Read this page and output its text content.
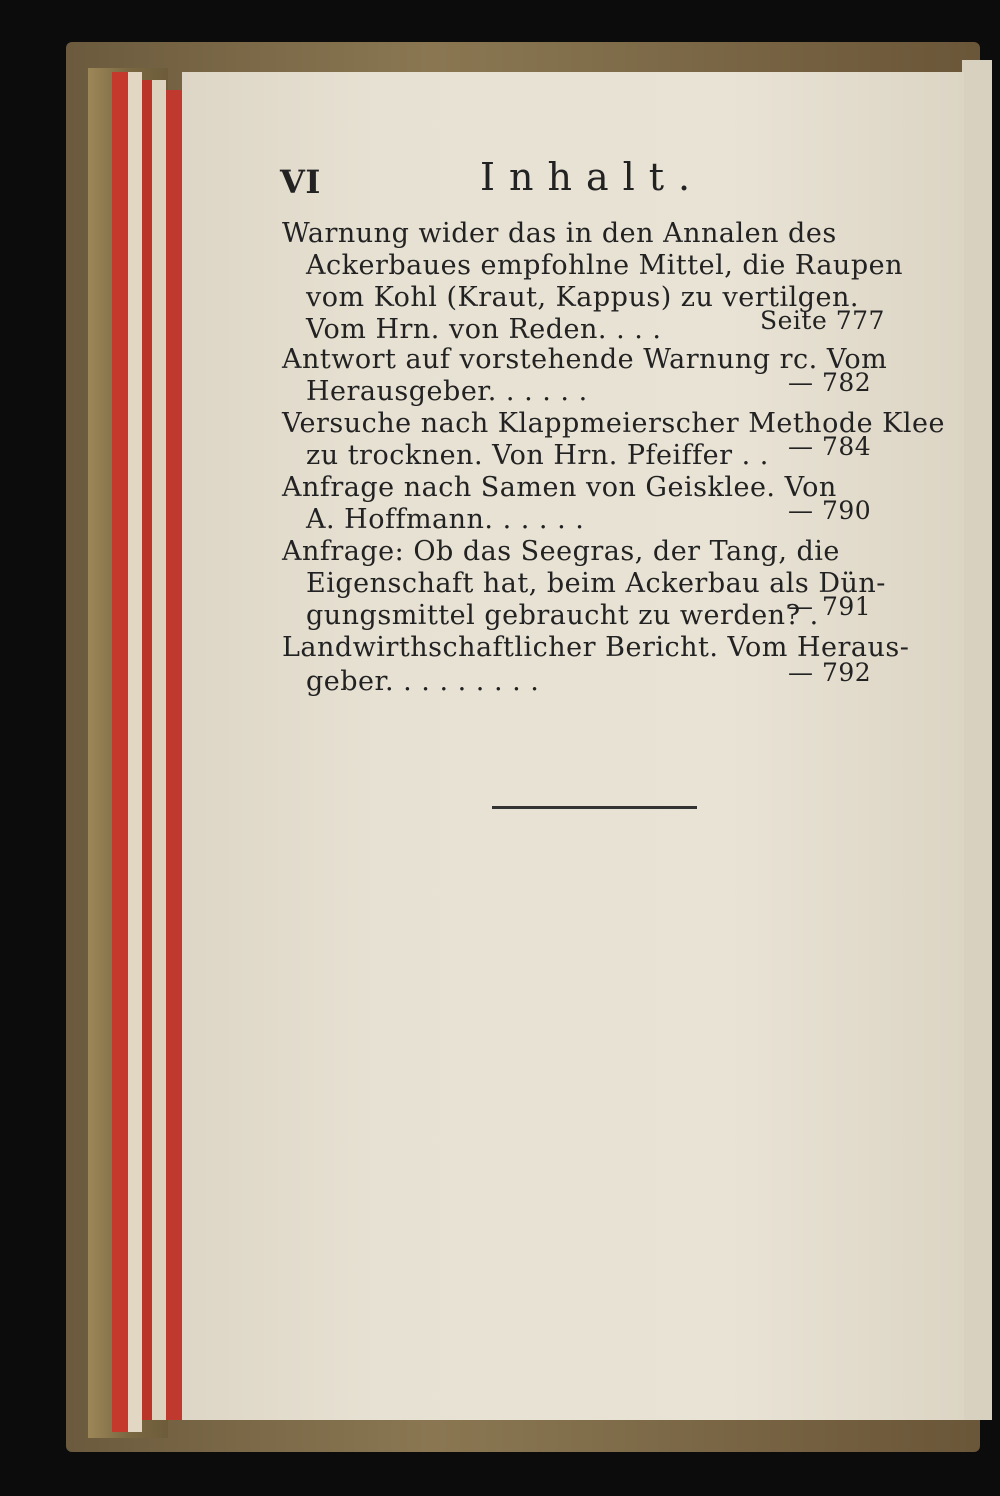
VI	Inhalt.
Warnung wider das in den Annalen des
Ackerbaues empfohlne Mittel, die Raupen
vom Kohl (Kraut, Kappus) zu vertilgen.
Vom Hrn. von Reden. . . .	Seite 777
Antwort auf vorstehende Warnung rc. Vom
Herausgeber. . . . . .	— 782
Versuche nach Klappmeierscher Methode Klee
zu trocknen. Von Hrn. Pfeiffer . . — 784
Anfrage nach Samen von Geisklee. Von
A. Hoffmann. . . . . .	— 790
Anfrage: Ob das Seegras, der Tang, die
Eigenschaft hat, beim Ackerbau als Dün-
gungsmittel gebraucht zu werden? .
— 791
Landwirthschaftlicher Bericht. Vom Heraus-
geber. . . . . . . . .	— 792
